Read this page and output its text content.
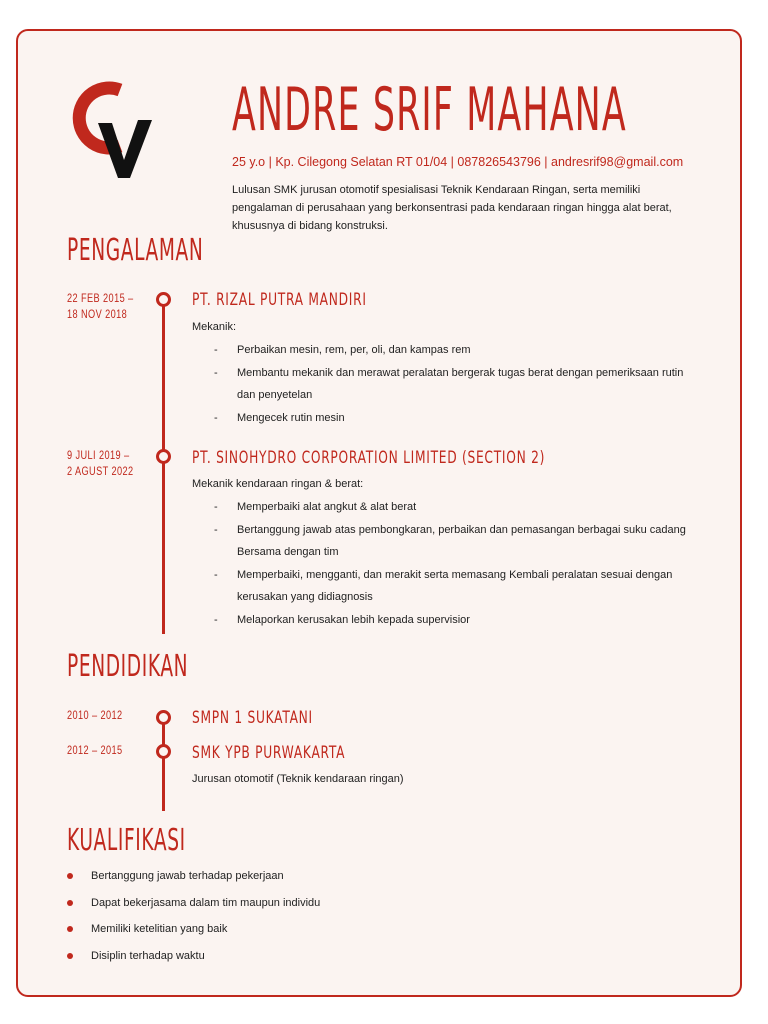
ANDRE SRIF MAHANA
25 y.o | Kp. Cilegong Selatan RT 01/04 | 087826543796 | andresrif98@gmail.com
Lulusan SMK jurusan otomotif spesialisasi Teknik Kendaraan Ringan, serta memiliki pengalaman di perusahaan yang berkonsentrasi pada kendaraan ringan hingga alat berat, khususnya di bidang konstruksi.
PENGALAMAN
22 FEB 2015 –
18 NOV 2018
PT. RIZAL PUTRA MANDIRI
Mekanik:
- Perbaikan mesin, rem, per, oli, dan kampas rem
- Membantu mekanik dan merawat peralatan bergerak tugas berat dengan pemeriksaan rutin dan penyetelan
- Mengecek rutin mesin
9 JULI 2019 –
2 AGUST 2022
PT. SINOHYDRO CORPORATION LIMITED (SECTION 2)
Mekanik kendaraan ringan & berat:
- Memperbaiki alat angkut & alat berat
- Bertanggung jawab atas pembongkaran, perbaikan dan pemasangan berbagai suku cadang Bersama dengan tim
- Memperbaiki, mengganti, dan merakit serta memasang Kembali peralatan sesuai dengan kerusakan yang didiagnosis
- Melaporkan kerusakan lebih kepada supervisior
PENDIDIKAN
2010 – 2012	SMPN 1 SUKATANI
2012 – 2015	SMK YPB PURWAKARTA
Jurusan otomotif (Teknik kendaraan ringan)
KUALIFIKASI
Bertanggung jawab terhadap pekerjaan
Dapat bekerjasama dalam tim maupun individu
Memiliki ketelitian yang baik
Disiplin terhadap waktu
